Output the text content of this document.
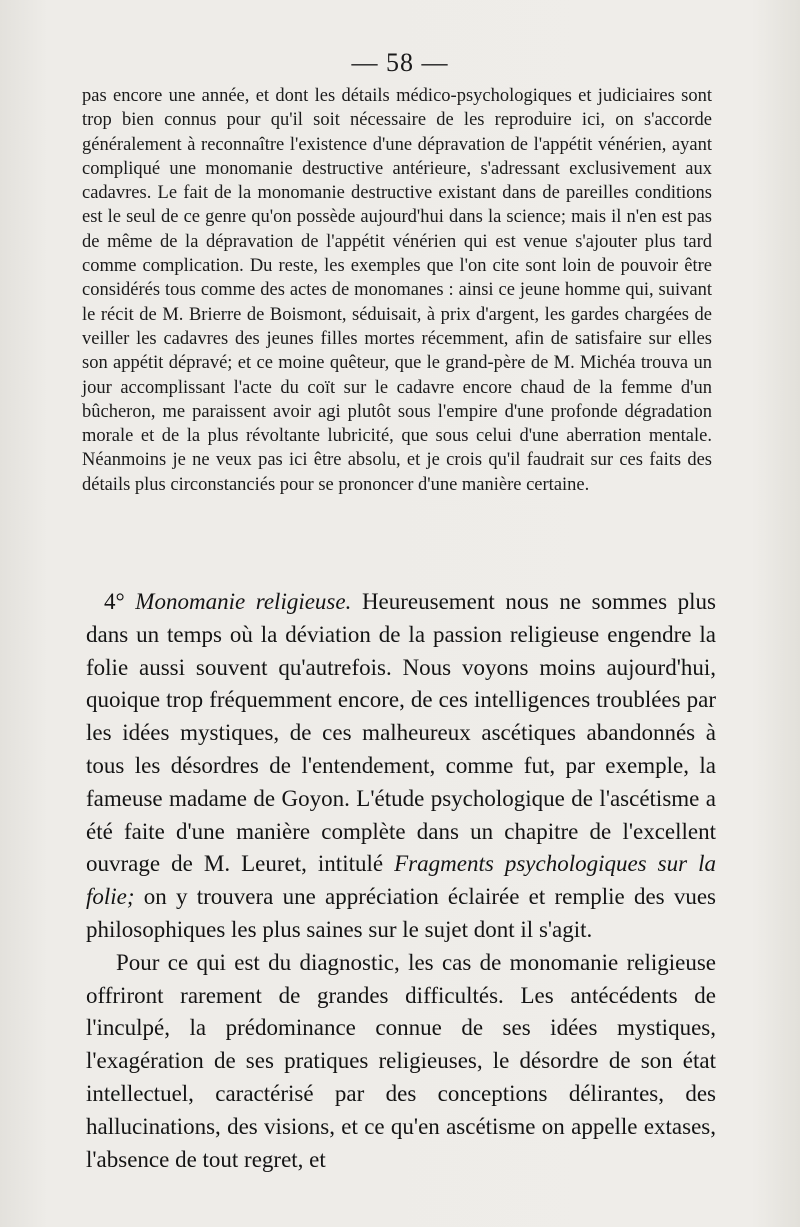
— 58 —

pas encore une année, et dont les détails médico-psychologiques et judiciaires sont trop bien connus pour qu'il soit nécessaire de les reproduire ici, on s'accorde généralement à reconnaître l'existence d'une dépravation de l'appétit vénérien, ayant compliqué une monomanie destructive antérieure, s'adressant exclusivement aux cadavres. Le fait de la monomanie destructive existant dans de pareilles conditions est le seul de ce genre qu'on possède aujourd'hui dans la science; mais il n'en est pas de même de la dépravation de l'appétit vénérien qui est venue s'ajouter plus tard comme complication. Du reste, les exemples que l'on cite sont loin de pouvoir être considérés tous comme des actes de monomanes : ainsi ce jeune homme qui, suivant le récit de M. Brierre de Boismont, séduisait, à prix d'argent, les gardes chargées de veiller les cadavres des jeunes filles mortes récemment, afin de satisfaire sur elles son appétit dépravé; et ce moine quêteur, que le grand-père de M. Michéa trouva un jour accomplissant l'acte du coït sur le cadavre encore chaud de la femme d'un bûcheron, me paraissent avoir agi plutôt sous l'empire d'une profonde dégradation morale et de la plus révoltante lubricité, que sous celui d'une aberration mentale. Néanmoins je ne veux pas ici être absolu, et je crois qu'il faudrait sur ces faits des détails plus circonstanciés pour se prononcer d'une manière certaine.

4° Monomanie religieuse. Heureusement nous ne sommes plus dans un temps où la déviation de la passion religieuse engendre la folie aussi souvent qu'autrefois. Nous voyons moins aujourd'hui, quoique trop fréquemment encore, de ces intelligences troublées par les idées mystiques, de ces malheureux ascétiques abandonnés à tous les désordres de l'entendement, comme fut, par exemple, la fameuse madame de Goyon. L'étude psychologique de l'ascétisme a été faite d'une manière complète dans un chapitre de l'excellent ouvrage de M. Leuret, intitulé Fragments psychologiques sur la folie; on y trouvera une appréciation éclairée et remplie des vues philosophiques les plus saines sur le sujet dont il s'agit.

Pour ce qui est du diagnostic, les cas de monomanie religieuse offriront rarement de grandes difficultés. Les antécédents de l'inculpé, la prédominance connue de ses idées mystiques, l'exagération de ses pratiques religieuses, le désordre de son état intellectuel, caractérisé par des conceptions délirantes, des hallucinations, des visions, et ce qu'en ascétisme on appelle extases, l'absence de tout regret, et
